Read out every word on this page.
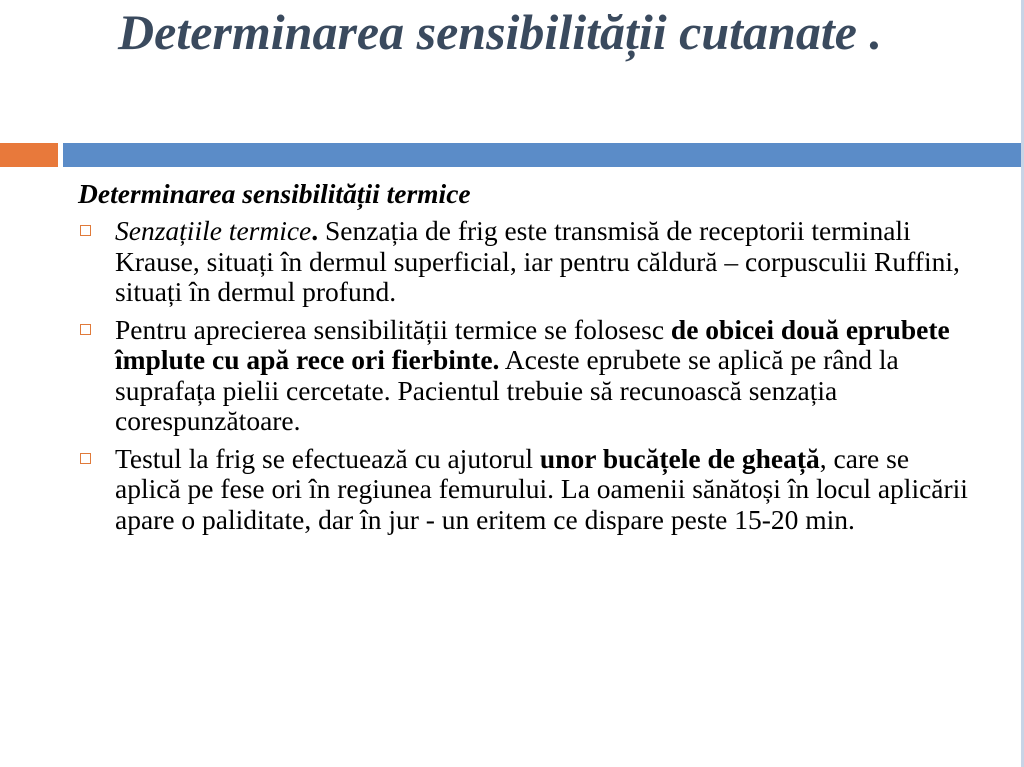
Determinarea sensibilității cutanate .
Determinarea sensibilității termice
Senzațiile termice. Senzația de frig este transmisă de receptorii terminali Krause, situați în dermul superficial, iar pentru căldură – corpusculii Ruffini, situați în dermul profund.
Pentru aprecierea sensibilității termice se folosesc de obicei două eprubete împlute cu apă rece ori fierbinte. Aceste eprubete se aplică pe rând la suprafața pielii cercetate. Pacientul trebuie să recunoască senzația corespunzătoare.
Testul la frig se efectuează cu ajutorul unor bucățele de gheață, care se aplică pe fese ori în regiunea femurului. La oamenii sănătoși în locul aplicării apare o paliditate, dar în jur - un eritem ce dispare peste 15-20 min.
